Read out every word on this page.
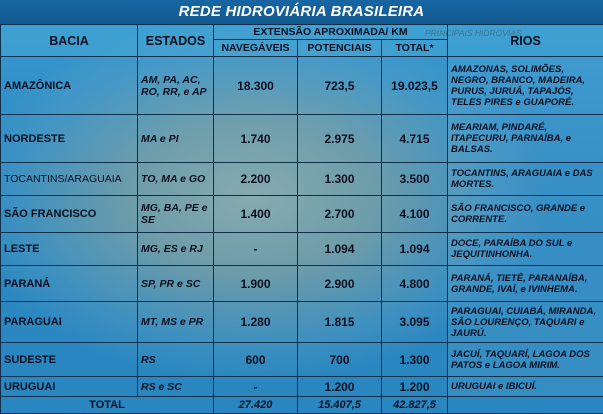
REDE HIDROVIÁRIA BRASILEIRA
PRINCIPAIS HIDROVIAS
BACIA	ESTADOS	EXTENSÃO APROXIMADA/ KM			RIOS
		NAVEGÁVEIS	POTENCIAIS	TOTAL*	
AMAZÔNICA	AM, PA, AC, RO, RR, e AP	18.300	723,5	19.023,5	AMAZONAS, SOLIMÕES, NEGRO, BRANCO, MADEIRA, PURUS, JURUÁ, TAPAJÓS, TELES PIRES e GUAPORÉ.
NORDESTE	MA e PI	1.740	2.975	4.715	MEARIAM, PINDARÉ, ITAPECURU, PARNAÍBA, e BALSAS.
TOCANTINS/ARAGUAIA	TO, MA e GO	2.200	1.300	3.500	TOCANTINS, ARAGUAIA e DAS MORTES.
SÃO FRANCISCO	MG, BA, PE e SE	1.400	2.700	4.100	SÃO FRANCISCO, GRANDE e CORRENTE.
LESTE	MG, ES e RJ	-	1.094	1.094	DOCE, PARAÍBA DO SUL e JEQUITINHONHA.
PARANÁ	SP, PR e SC	1.900	2.900	4.800	PARANÁ, TIETÊ, PARANAÍBA, GRANDE, IVAÍ, e IVINHEMA.
PARAGUAI	MT, MS e PR	1.280	1.815	3.095	PARAGUAI, CUIABÁ, MIRANDA, SÃO LOURENÇO, TAQUARI e JAURÚ.
SUDESTE	RS	600	700	1.300	JACUÍ, TAQUARÍ, LAGOA DOS PATOS e LAGOA MIRIM.
URUGUAI	RS e SC	-	1.200	1.200	URUGUAI e IBICUÍ.
TOTAL		27.420	15.407,5	42.827,5	
